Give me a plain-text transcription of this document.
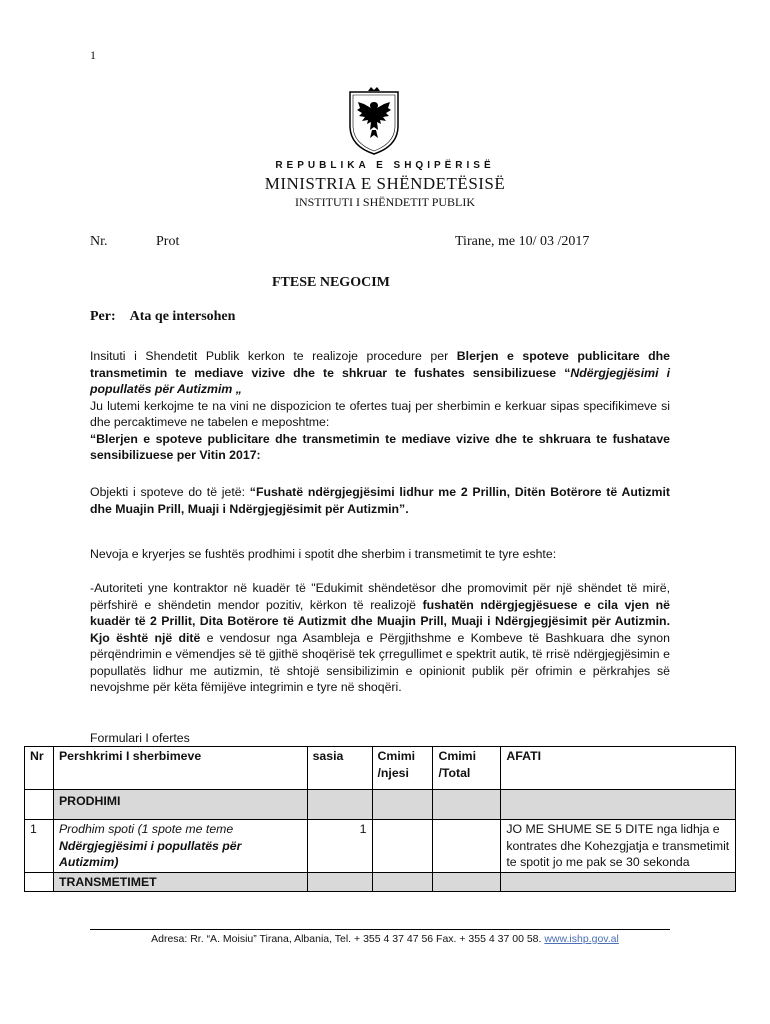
1
REPUBLIKA E SHQIPËRISË
MINISTRIA E SHËNDETËSISË
INSTITUTI I SHËNDETIT PUBLIK
Nr.	Prot	Tirane, me 10/ 03 /2017
FTESE NEGOCIM
Per: Ata qe intersohen
Insituti i Shendetit Publik kerkon te realizoje procedure per Blerjen e spoteve publicitare dhe transmetimin te mediave vizive dhe te shkruar te fushates sensibilizuese “Ndërgjegjësimi i popullatës për Autizmim „
Ju lutemi kerkojme te na vini ne dispozicion te ofertes tuaj per sherbimin e kerkuar sipas specifikimeve si dhe percaktimeve ne tabelen e meposhtme:
“Blerjen e spoteve publicitare dhe transmetimin te mediave vizive dhe te shkruara te fushatave sensibilizuese per Vitin 2017:
Objekti i spoteve do të jetë: “Fushatë ndërgjegjësimi lidhur me 2 Prillin, Ditën Botërore të Autizmit dhe Muajin Prill, Muaji i Ndërgjegjësimit për Autizmin”.
Nevoja e kryerjes se fushtës prodhimi i spotit dhe sherbim i transmetimit te tyre eshte:
-Autoriteti yne kontraktor në kuadër të "Edukimit shëndetësor dhe promovimit për një shëndet të mirë, përfshirë e shëndetin mendor pozitiv, kërkon të realizojë fushatën ndërgjegjësuese e cila vjen në kuadër të 2 Prillit, Dita Botërore të Autizmit dhe Muajin Prill, Muaji i Ndërgjegjësimit për Autizmin. Kjo është një ditë e vendosur nga Asambleja e Përgjithshme e Kombeve të Bashkuara dhe synon përqëndrimin e vëmendjes së të gjithë shoqërisë tek çrregullimet e spektrit autik, të rrisë ndërgjegjësimin e popullatës lidhur me autizmin, të shtojë sensibilizimin e opinionit publik për ofrimin e përkrahjes së nevojshme për këta fëmijëve integrimin e tyre në shoqëri.
Formulari I ofertes
Nr	Pershkrimi I sherbimeve	sasia	Cmimi /njesi	Cmimi /Total	AFATI
	PRODHIMI				
1	Prodhim spoti (1 spote me teme Ndërgjegjësimi i popullatës për Autizmim)	1			JO ME SHUME SE 5 DITE nga lidhja e kontrates dhe Kohezgjatja e transmetimit te spotit jo me pak se 30 sekonda
	TRANSMETIMET				
Adresa: Rr. “A. Moisiu” Tirana, Albania, Tel. + 355 4 37 47 56 Fax. + 355 4 37 00 58. www.ishp.gov.al
